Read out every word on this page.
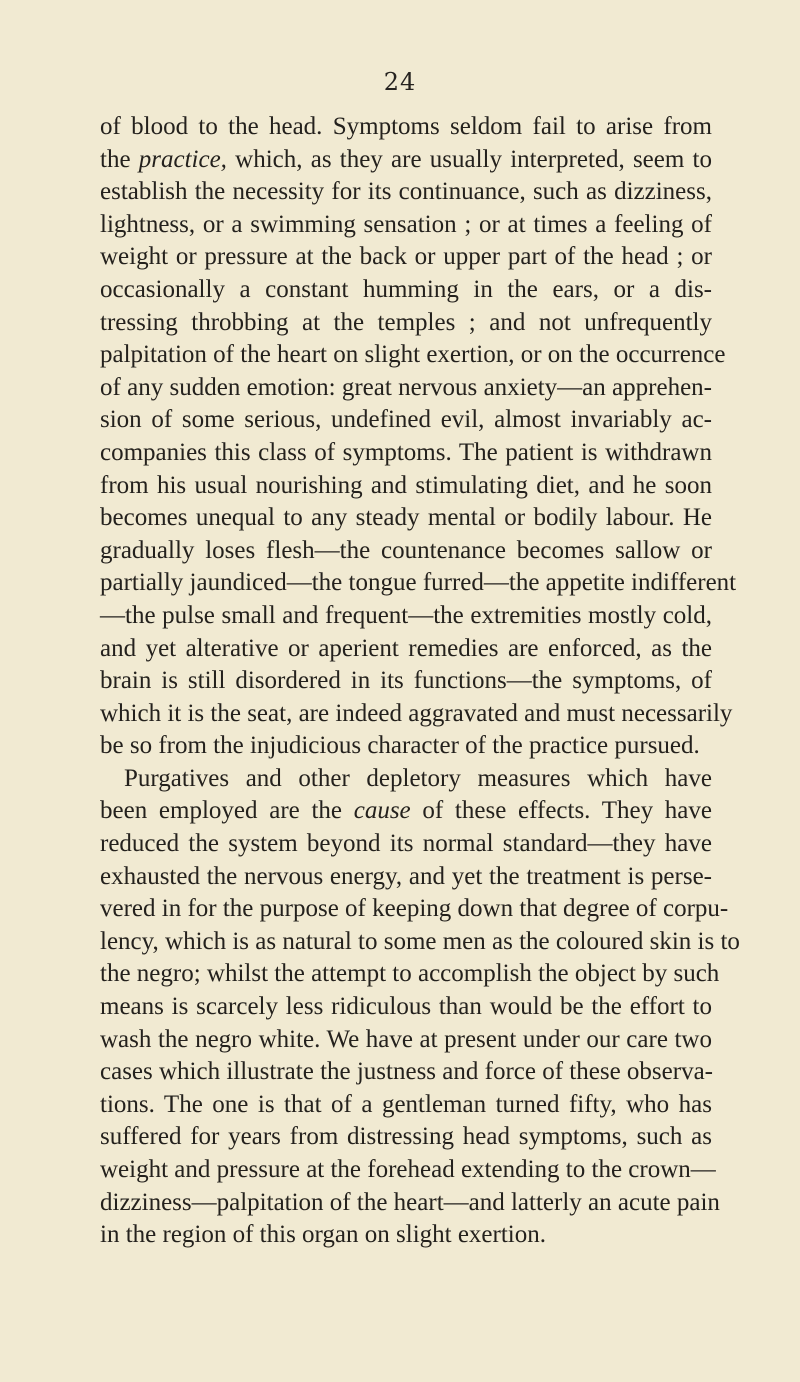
24
of blood to the head. Symptoms seldom fail to arise from
the practice, which, as they are usually interpreted, seem to
establish the necessity for its continuance, such as dizziness,
lightness, or a swimming sensation ; or at times a feeling of
weight or pressure at the back or upper part of the head ; or
occasionally a constant humming in the ears, or a dis-
tressing throbbing at the temples ; and not unfrequently
palpitation of the heart on slight exertion, or on the occurrence
of any sudden emotion: great nervous anxiety—an apprehen-
sion of some serious, undefined evil, almost invariably ac-
companies this class of symptoms. The patient is withdrawn
from his usual nourishing and stimulating diet, and he soon
becomes unequal to any steady mental or bodily labour. He
gradually loses flesh—the countenance becomes sallow or
partially jaundiced—the tongue furred—the appetite indifferent
—the pulse small and frequent—the extremities mostly cold,
and yet alterative or aperient remedies are enforced, as the
brain is still disordered in its functions—the symptoms, of
which it is the seat, are indeed aggravated and must necessarily
be so from the injudicious character of the practice pursued.
Purgatives and other depletory measures which have
been employed are the cause of these effects. They have
reduced the system beyond its normal standard—they have
exhausted the nervous energy, and yet the treatment is perse-
vered in for the purpose of keeping down that degree of corpu-
lency, which is as natural to some men as the coloured skin is to
the negro; whilst the attempt to accomplish the object by such
means is scarcely less ridiculous than would be the effort to
wash the negro white. We have at present under our care two
cases which illustrate the justness and force of these observa-
tions. The one is that of a gentleman turned fifty, who has
suffered for years from distressing head symptoms, such as
weight and pressure at the forehead extending to the crown—
dizziness—palpitation of the heart—and latterly an acute pain
in the region of this organ on slight exertion.
